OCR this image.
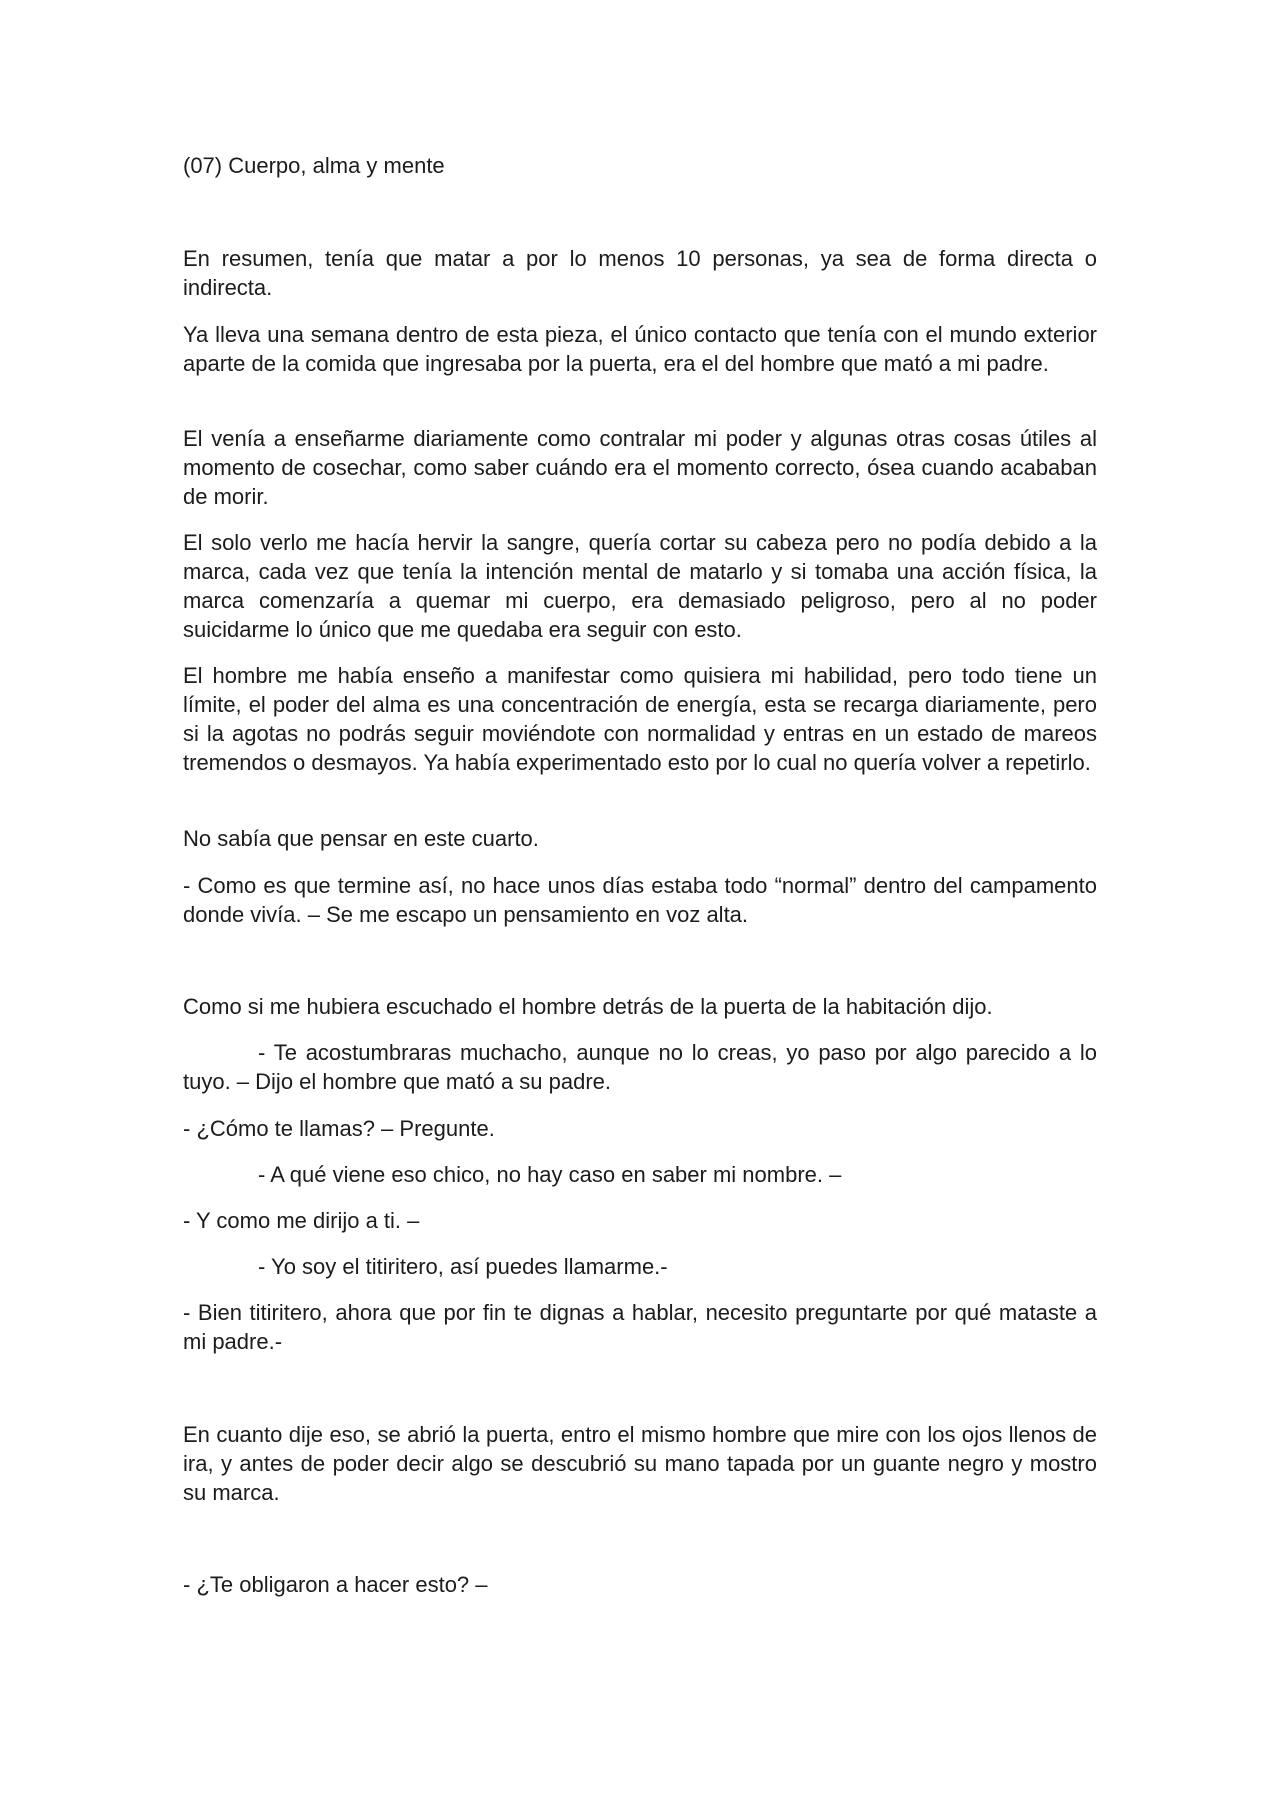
(07) Cuerpo, alma y mente

En resumen, tenía que matar a por lo menos 10 personas, ya sea de forma directa o indirecta.

Ya lleva una semana dentro de esta pieza, el único contacto que tenía con el mundo exterior aparte de la comida que ingresaba por la puerta, era el del hombre que mató a mi padre.

El venía a enseñarme diariamente como contralar mi poder y algunas otras cosas útiles al momento de cosechar, como saber cuándo era el momento correcto, ósea cuando acababan de morir.

El solo verlo me hacía hervir la sangre, quería cortar su cabeza pero no podía debido a la marca, cada vez que tenía la intención mental de matarlo y si tomaba una acción física, la marca comenzaría a quemar mi cuerpo, era demasiado peligroso, pero al no poder suicidarme lo único que me quedaba era seguir con esto.

El hombre me había enseño a manifestar como quisiera mi habilidad, pero todo tiene un límite, el poder del alma es una concentración de energía, esta se recarga diariamente, pero si la agotas no podrás seguir moviéndote con normalidad y entras en un estado de mareos tremendos o desmayos. Ya había experimentado esto por lo cual no quería volver a repetirlo.

No sabía que pensar en este cuarto.

- Como es que termine así, no hace unos días estaba todo “normal” dentro del campamento donde vivía. – Se me escapo un pensamiento en voz alta.

Como si me hubiera escuchado el hombre detrás de la puerta de la habitación dijo.

- Te acostumbraras muchacho, aunque no lo creas, yo paso por algo parecido a lo tuyo. – Dijo el hombre que mató a su padre.

- ¿Cómo te llamas? – Pregunte.

- A qué viene eso chico, no hay caso en saber mi nombre. –

- Y como me dirijo a ti. –

- Yo soy el titiritero, así puedes llamarme.-

- Bien titiritero, ahora que por fin te dignas a hablar, necesito preguntarte por qué mataste a mi padre.-

En cuanto dije eso, se abrió la puerta, entro el mismo hombre que mire con los ojos llenos de ira, y antes de poder decir algo se descubrió su mano tapada por un guante negro y mostro su marca.

- ¿Te obligaron a hacer esto? –
